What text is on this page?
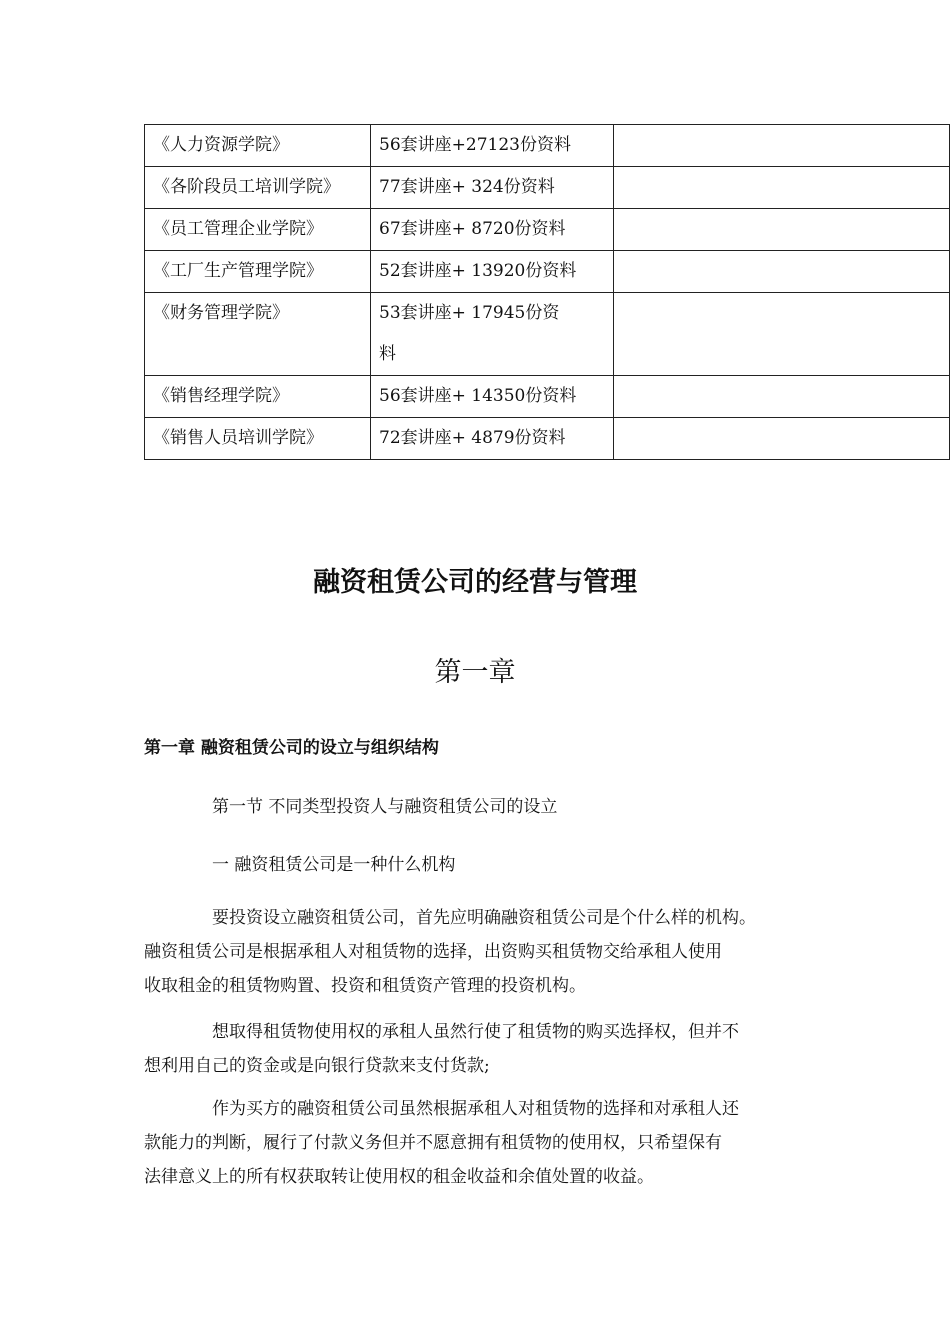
《人力资源学院》	56套讲座+27123份资料	
《各阶段员工培训学院》	77套讲座+ 324份资料	
《员工管理企业学院》	67套讲座+ 8720份资料	
《工厂生产管理学院》	52套讲座+ 13920份资料	
《财务管理学院》	53套讲座+ 17945份资料	
《销售经理学院》	56套讲座+ 14350份资料	
《销售人员培训学院》	72套讲座+ 4879份资料	
融资租赁公司的经营与管理
第一章
第一章 融资租赁公司的设立与组织结构
第一节 不同类型投资人与融资租赁公司的设立
一 融资租赁公司是一种什么机构
要投资设立融资租赁公司，首先应明确融资租赁公司是个什么样的机构。
融资租赁公司是根据承租人对租赁物的选择，出资购买租赁物交给承租人使用
收取租金的租赁物购置、投资和租赁资产管理的投资机构。
想取得租赁物使用权的承租人虽然行使了租赁物的购买选择权，但并不
想利用自己的资金或是向银行贷款来支付货款;
作为买方的融资租赁公司虽然根据承租人对租赁物的选择和对承租人还
款能力的判断，履行了付款义务但并不愿意拥有租赁物的使用权，只希望保有
法律意义上的所有权获取转让使用权的租金收益和余值处置的收益。
